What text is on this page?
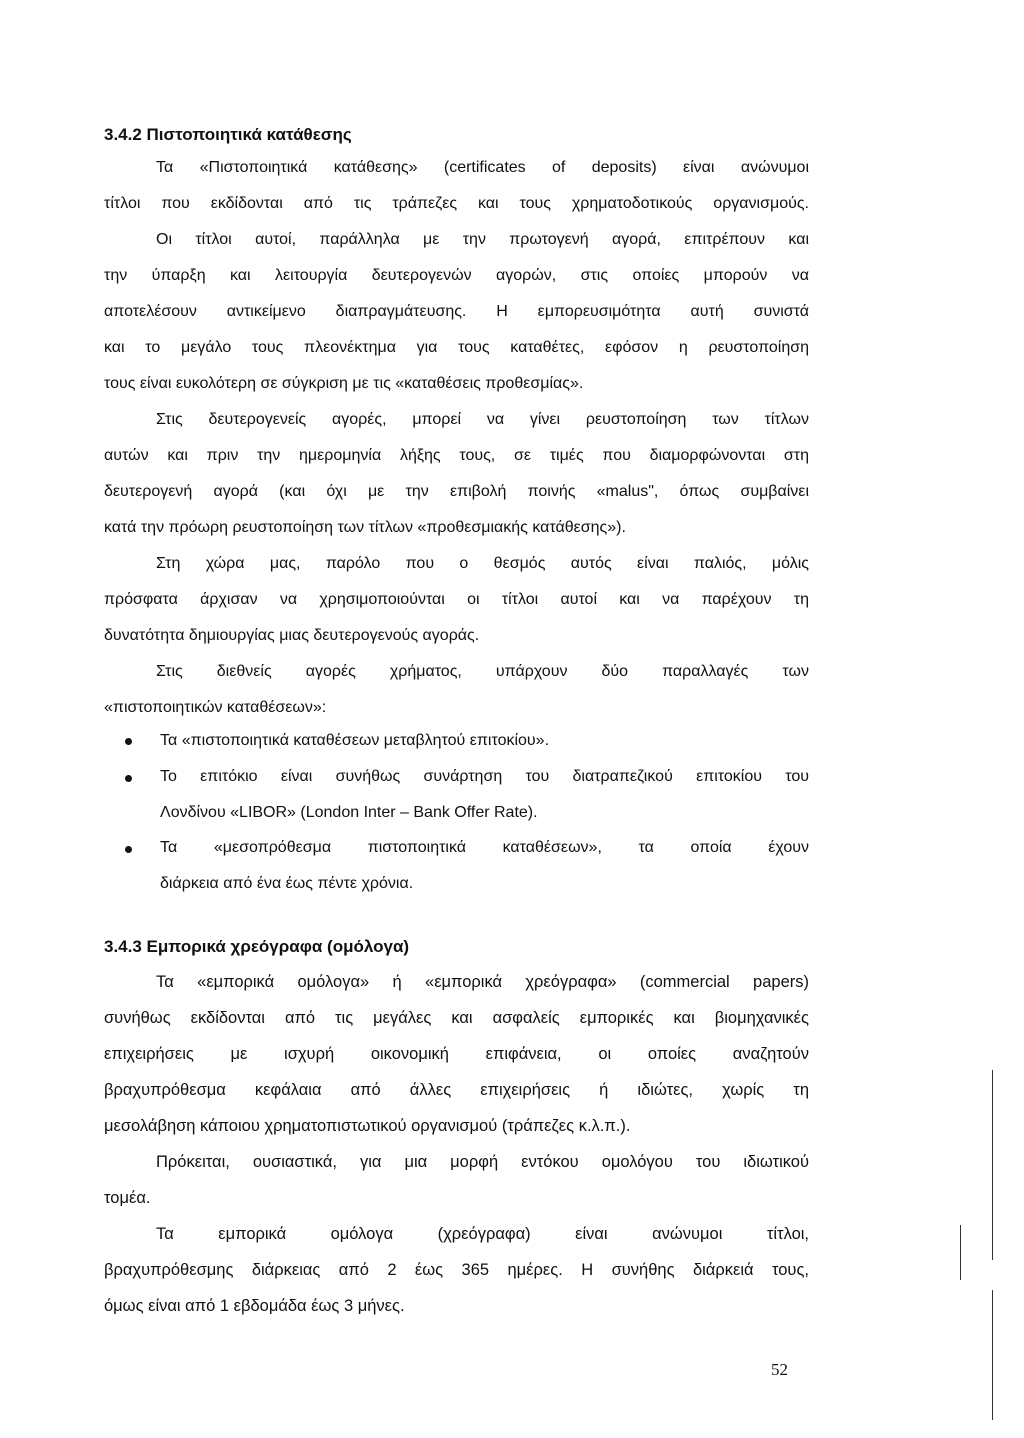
3.4.2 Πιστοποιητικά κατάθεσης
Τα «Πιστοποιητικά κατάθεσης» (certificates of deposits) είναι ανώνυμοι
τίτλοι που εκδίδονται από τις τράπεζες και τους χρηματοδοτικούς οργανισμούς.
Οι τίτλοι αυτοί, παράλληλα με την πρωτογενή αγορά, επιτρέπουν και
την ύπαρξη και λειτουργία δευτερογενών αγορών, στις οποίες μπορούν να
αποτελέσουν αντικείμενο διαπραγμάτευσης. Η εμπορευσιμότητα αυτή συνιστά
και το μεγάλο τους πλεονέκτημα για τους καταθέτες, εφόσον η ρευστοποίηση
τους είναι ευκολότερη σε σύγκριση με τις «καταθέσεις προθεσμίας».
Στις δευτερογενείς αγορές, μπορεί να γίνει ρευστοποίηση των τίτλων
αυτών και πριν την ημερομηνία λήξης τους, σε τιμές που διαμορφώνονται στη
δευτερογενή αγορά (και όχι με την επιβολή ποινής «malus", όπως συμβαίνει
κατά την πρόωρη ρευστοποίηση των τίτλων «προθεσμιακής κατάθεσης»).
Στη χώρα μας, παρόλο που ο θεσμός αυτός είναι παλιός, μόλις
πρόσφατα άρχισαν να χρησιμοποιούνται οι τίτλοι αυτοί και να παρέχουν τη
δυνατότητα δημιουργίας μιας δευτερογενούς αγοράς.
Στις διεθνείς αγορές χρήματος, υπάρχουν δύο παραλλαγές των
«πιστοποιητικών καταθέσεων»:
Τα «πιστοποιητικά καταθέσεων μεταβλητού επιτοκίου».
Το επιτόκιο είναι συνήθως συνάρτηση του διατραπεζικού επιτοκίου του
Λονδίνου «LIBOR» (London Inter – Bank Offer Rate).
Τα «μεσοπρόθεσμα πιστοποιητικά καταθέσεων», τα οποία έχουν
διάρκεια από ένα έως πέντε χρόνια.
3.4.3 Εμπορικά χρεόγραφα (ομόλογα)
Τα «εμπορικά ομόλογα» ή «εμπορικά χρεόγραφα» (commercial papers)
συνήθως εκδίδονται από τις μεγάλες και ασφαλείς εμπορικές και βιομηχανικές
επιχειρήσεις με ισχυρή οικονομική επιφάνεια, οι οποίες αναζητούν
βραχυπρόθεσμα κεφάλαια από άλλες επιχειρήσεις ή ιδιώτες, χωρίς τη
μεσολάβηση κάποιου χρηματοπιστωτικού οργανισμού (τράπεζες κ.λ.π.).
Πρόκειται, ουσιαστικά, για μια μορφή εντόκου ομολόγου του ιδιωτικού
τομέα.
Τα εμπορικά ομόλογα (χρεόγραφα) είναι ανώνυμοι τίτλοι,
βραχυπρόθεσμης διάρκειας από 2 έως 365 ημέρες. Η συνήθης διάρκειά τους,
όμως είναι από 1 εβδομάδα έως 3 μήνες.
52
